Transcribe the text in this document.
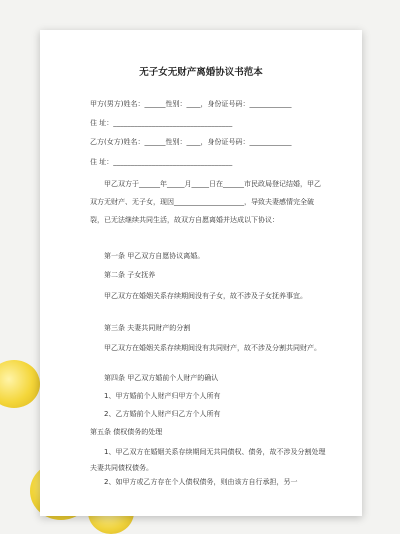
无子女无财产离婚协议书范本
甲方(男方)姓名：______性别：____，身份证号码：____________
住 址：__________________________________
乙方(女方)姓名：______性别：____，身份证号码：____________
住 址：__________________________________
甲乙双方于______年_____月_____日在______市民政局登记结婚，甲乙双方无财产、无子女，现因____________________，导致夫妻感情完全破裂，已无法继续共同生活，故双方自愿离婚并达成以下协议：
第一条 甲乙双方自愿协议离婚。
第二条 子女抚养
甲乙双方在婚姻关系存续期间没有子女，故不涉及子女抚养事宜。
第三条 夫妻共同财产的分割
甲乙双方在婚姻关系存续期间没有共同财产，故不涉及分割共同财产。
第四条 甲乙双方婚前个人财产的确认
1、甲方婚前个人财产归甲方个人所有
2、乙方婚前个人财产归乙方个人所有
第五条 债权债务的处理
1、甲乙双方在婚姻关系存续期间无共同债权、债务，故不涉及分割处理夫妻共同债权债务。
2、如甲方或乙方存在个人债权债务，则由该方自行承担，另一
